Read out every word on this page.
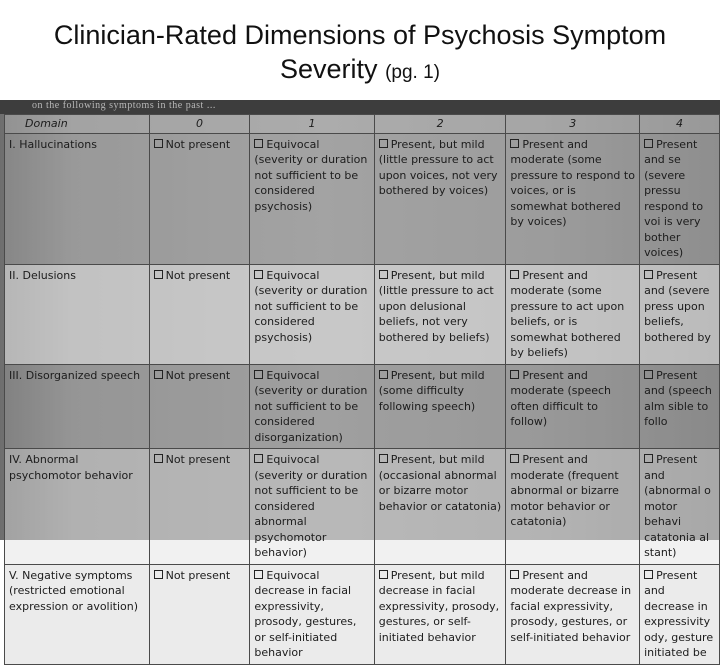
Clinician-Rated Dimensions of Psychosis Symptom
Severity (pg. 1)
on the following symptoms in the past ...
Domain	0	1	2	3	4
I. Hallucinations	Not present	Equivocal (severity or duration not sufficient to be considered psychosis)	Present, but mild (little pressure to act upon voices, not very bothered by voices)	Present and moderate (some pressure to respond to voices, or is somewhat bothered by voices)	Present and se (severe pressu respond to voi is very bother voices)
II. Delusions	Not present	Equivocal (severity or duration not sufficient to be considered psychosis)	Present, but mild (little pressure to act upon delusional beliefs, not very bothered by beliefs)	Present and moderate (some pressure to act upon beliefs, or is somewhat bothered by beliefs)	Present and (severe press upon beliefs, bothered by
III. Disorganized speech	Not present	Equivocal (severity or duration not sufficient to be considered disorganization)	Present, but mild (some difficulty following speech)	Present and moderate (speech often difficult to follow)	Present and (speech alm sible to follo
IV. Abnormal psychomotor behavior	Not present	Equivocal (severity or duration not sufficient to be considered abnormal psychomotor behavior)	Present, but mild (occasional abnormal or bizarre motor behavior or catatonia)	Present and moderate (frequent abnormal or bizarre motor behavior or catatonia)	Present and (abnormal o motor behavi catatonia al stant)
V. Negative symptoms (restricted emotional expression or avolition)	Not present	Equivocal decrease in facial expressivity, prosody, gestures, or self-initiated behavior	Present, but mild decrease in facial expressivity, prosody, gestures, or self-initiated behavior	Present and moderate decrease in facial expressivity, prosody, gestures, or self-initiated behavior	Present and decrease in expressivity ody, gesture initiated be
